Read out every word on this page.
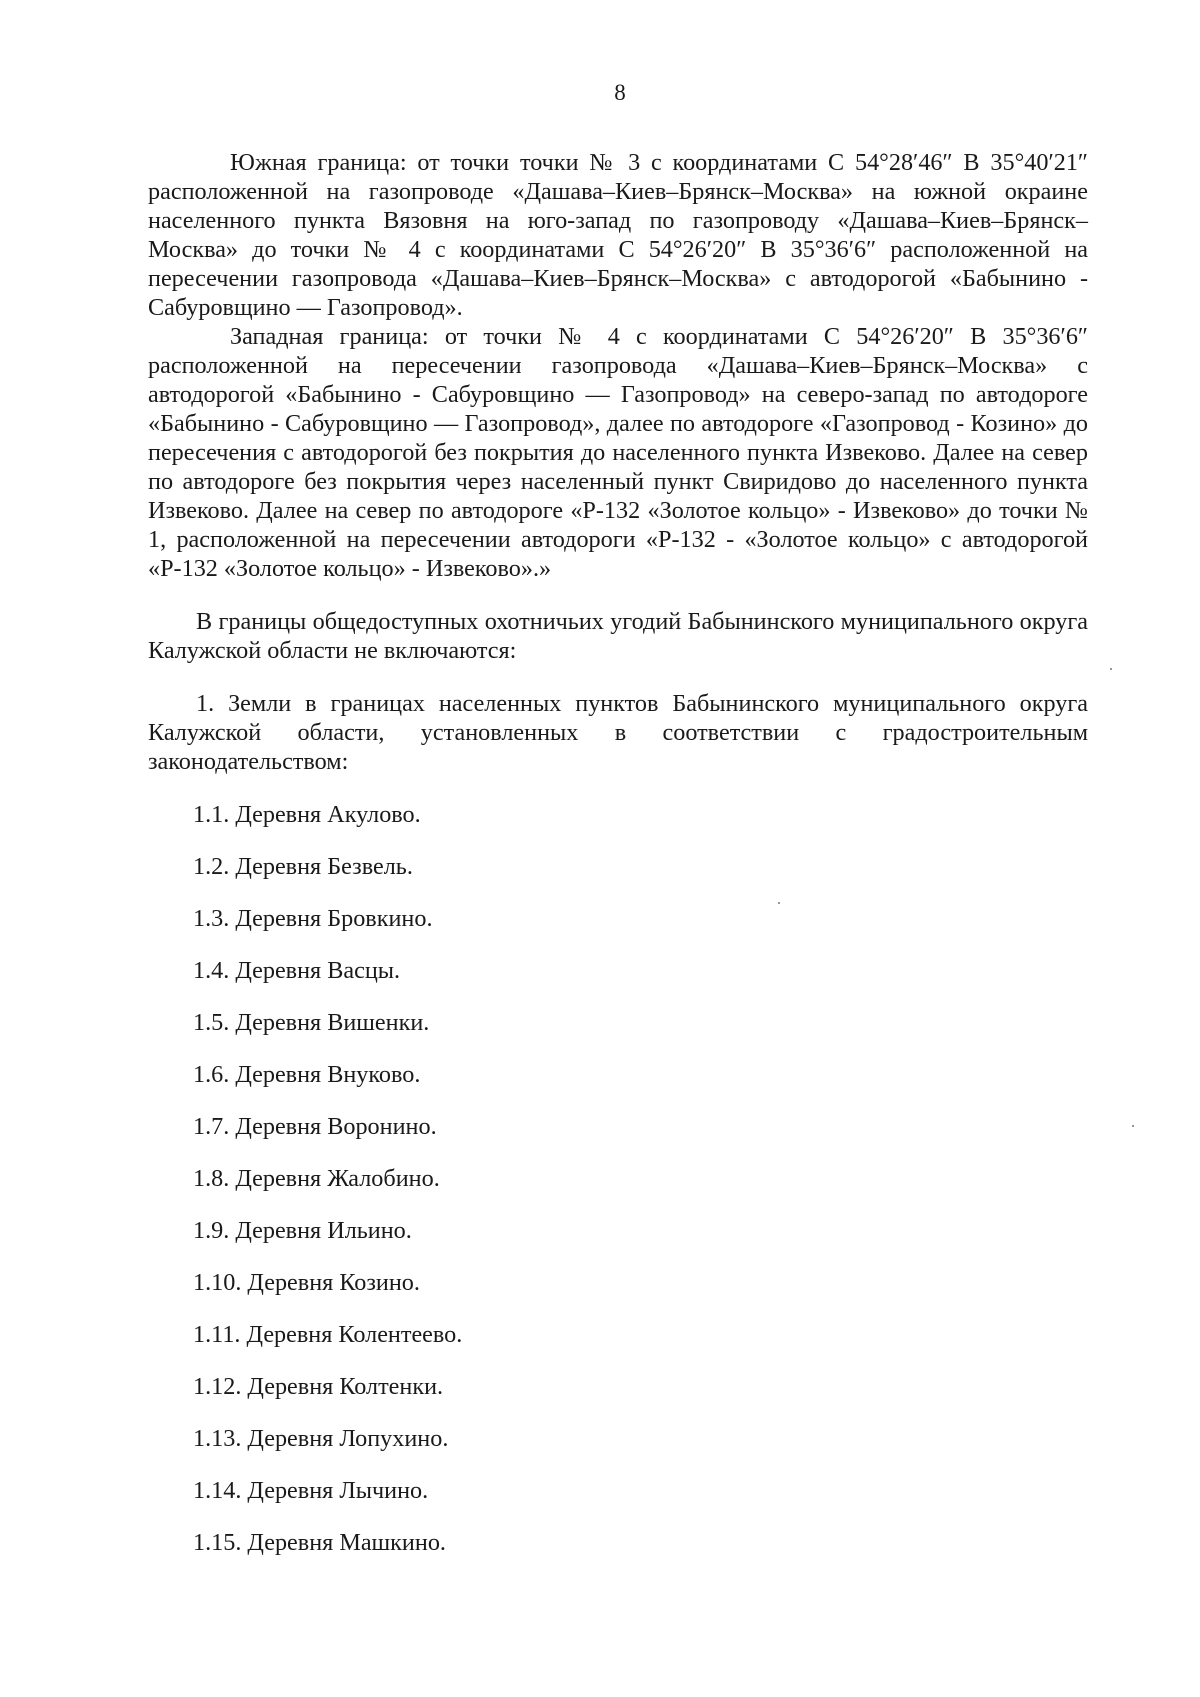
8

Южная граница: от точки точки № 3 с координатами С 54°28′46″ В 35°40′21″ расположенной на газопроводе «Дашава–Киев–Брянск–Москва» на южной окраине населенного пункта Вязовня на юго-запад по газопроводу «Дашава–Киев–Брянск–Москва» до точки № 4 с координатами С 54°26′20″ В 35°36′6″ расположенной на пересечении газопровода «Дашава–Киев–Брянск–Москва» с автодорогой «Бабынино - Сабуровщино — Газопровод».

Западная граница: от точки № 4 с координатами С 54°26′20″ В 35°36′6″ расположенной на пересечении газопровода «Дашава–Киев–Брянск–Москва» с автодорогой «Бабынино - Сабуровщино — Газопровод» на северо-запад по автодороге «Бабынино - Сабуровщино — Газопровод», далее по автодороге «Газопровод - Козино» до пересечения с автодорогой без покрытия до населенного пункта Извеково. Далее на север по автодороге без покрытия через населенный пункт Свиридово до населенного пункта Извеково. Далее на север по автодороге «Р-132 «Золотое кольцо» - Извеково» до точки № 1, расположенной на пересечении автодороги «Р-132 - «Золотое кольцо» с автодорогой «Р-132 «Золотое кольцо» - Извеково».»

В границы общедоступных охотничьих угодий Бабынинского муниципального округа Калужской области не включаются:

1. Земли в границах населенных пунктов Бабынинского муниципального округа Калужской области, установленных в соответствии с градостроительным законодательством:

1.1. Деревня Акулово.
1.2. Деревня Безвель.
1.3. Деревня Бровкино.
1.4. Деревня Васцы.
1.5. Деревня Вишенки.
1.6. Деревня Внуково.
1.7. Деревня Воронино.
1.8. Деревня Жалобино.
1.9. Деревня Ильино.
1.10. Деревня Козино.
1.11. Деревня Колентеево.
1.12. Деревня Колтенки.
1.13. Деревня Лопухино.
1.14. Деревня Лычино.
1.15. Деревня Машкино.
